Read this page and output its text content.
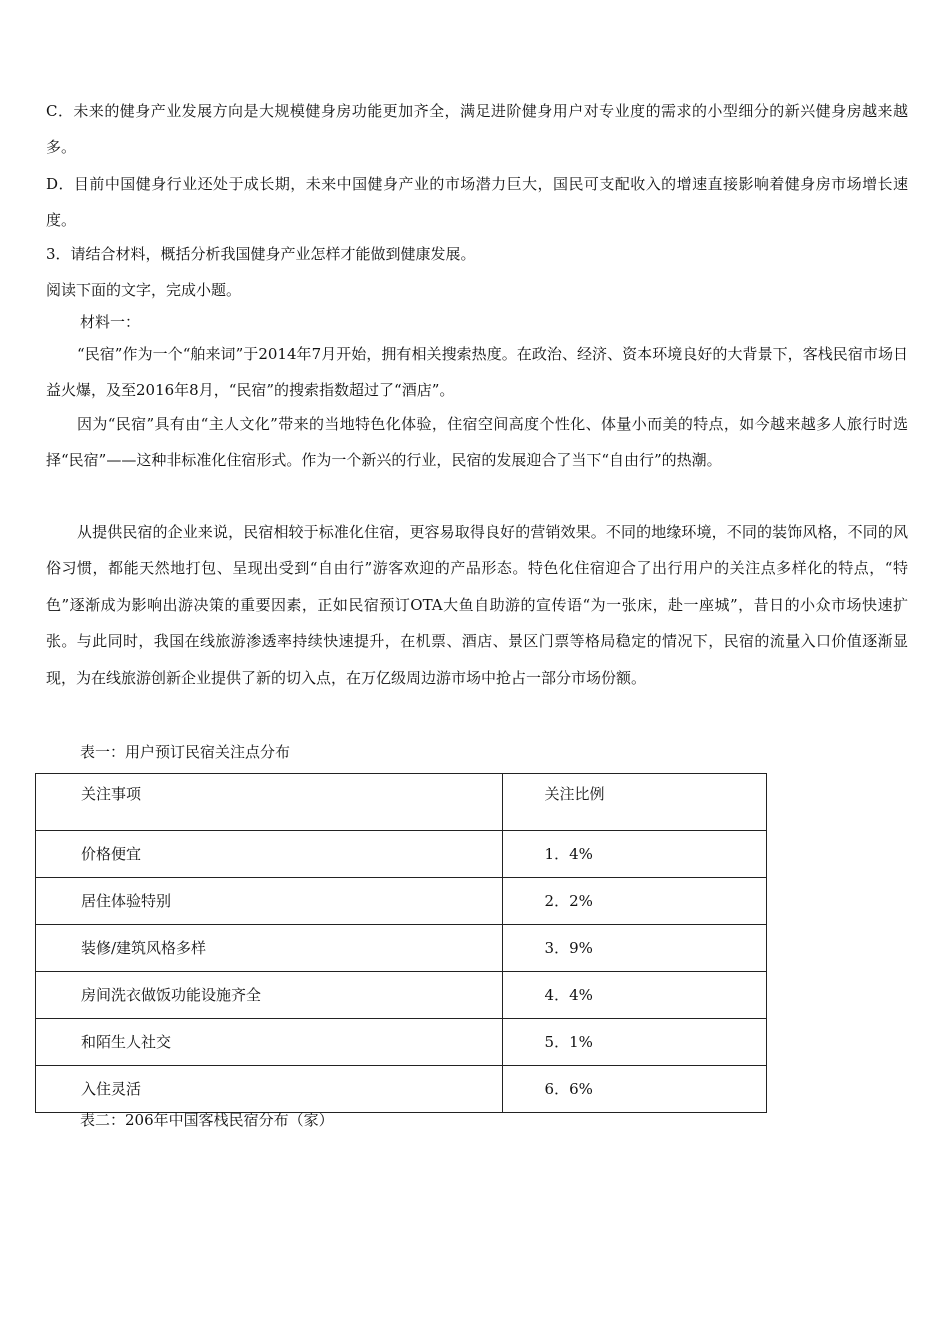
C．未来的健身产业发展方向是大规模健身房功能更加齐全，满足进阶健身用户对专业度的需求的小型细分的新兴健身房越来越多。
D．目前中国健身行业还处于成长期，未来中国健身产业的市场潜力巨大，国民可支配收入的增速直接影响着健身房市场增长速度。
3．请结合材料，概括分析我国健身产业怎样才能做到健康发展。
阅读下面的文字，完成小题。
材料一：
“民宿”作为一个“舶来词”于2014年7月开始，拥有相关搜索热度。在政治、经济、资本环境良好的大背景下，客栈民宿市场日益火爆，及至2016年8月，“民宿”的搜索指数超过了“酒店”。
因为“民宿”具有由“主人文化”带来的当地特色化体验，住宿空间高度个性化、体量小而美的特点，如今越来越多人旅行时选择“民宿”——这种非标准化住宿形式。作为一个新兴的行业，民宿的发展迎合了当下“自由行”的热潮。
从提供民宿的企业来说，民宿相较于标准化住宿，更容易取得良好的营销效果。不同的地缘环境，不同的装饰风格，不同的风俗习惯，都能天然地打包、呈现出受到“自由行”游客欢迎的产品形态。特色化住宿迎合了出行用户的关注点多样化的特点，“特色”逐渐成为影响出游决策的重要因素，正如民宿预订OTA大鱼自助游的宣传语“为一张床，赴一座城”，昔日的小众市场快速扩张。与此同时，我国在线旅游渗透率持续快速提升，在机票、酒店、景区门票等格局稳定的情况下，民宿的流量入口价值逐渐显现，为在线旅游创新企业提供了新的切入点，在万亿级周边游市场中抢占一部分市场份额。
表一：用户预订民宿关注点分布
关注事项	关注比例
价格便宜	1．4%
居住体验特别	2．2%
装修/建筑风格多样	3．9%
房间洗衣做饭功能设施齐全	4．4%
和陌生人社交	5．1%
入住灵活	6．6%
表二：206年中国客栈民宿分布（家）
